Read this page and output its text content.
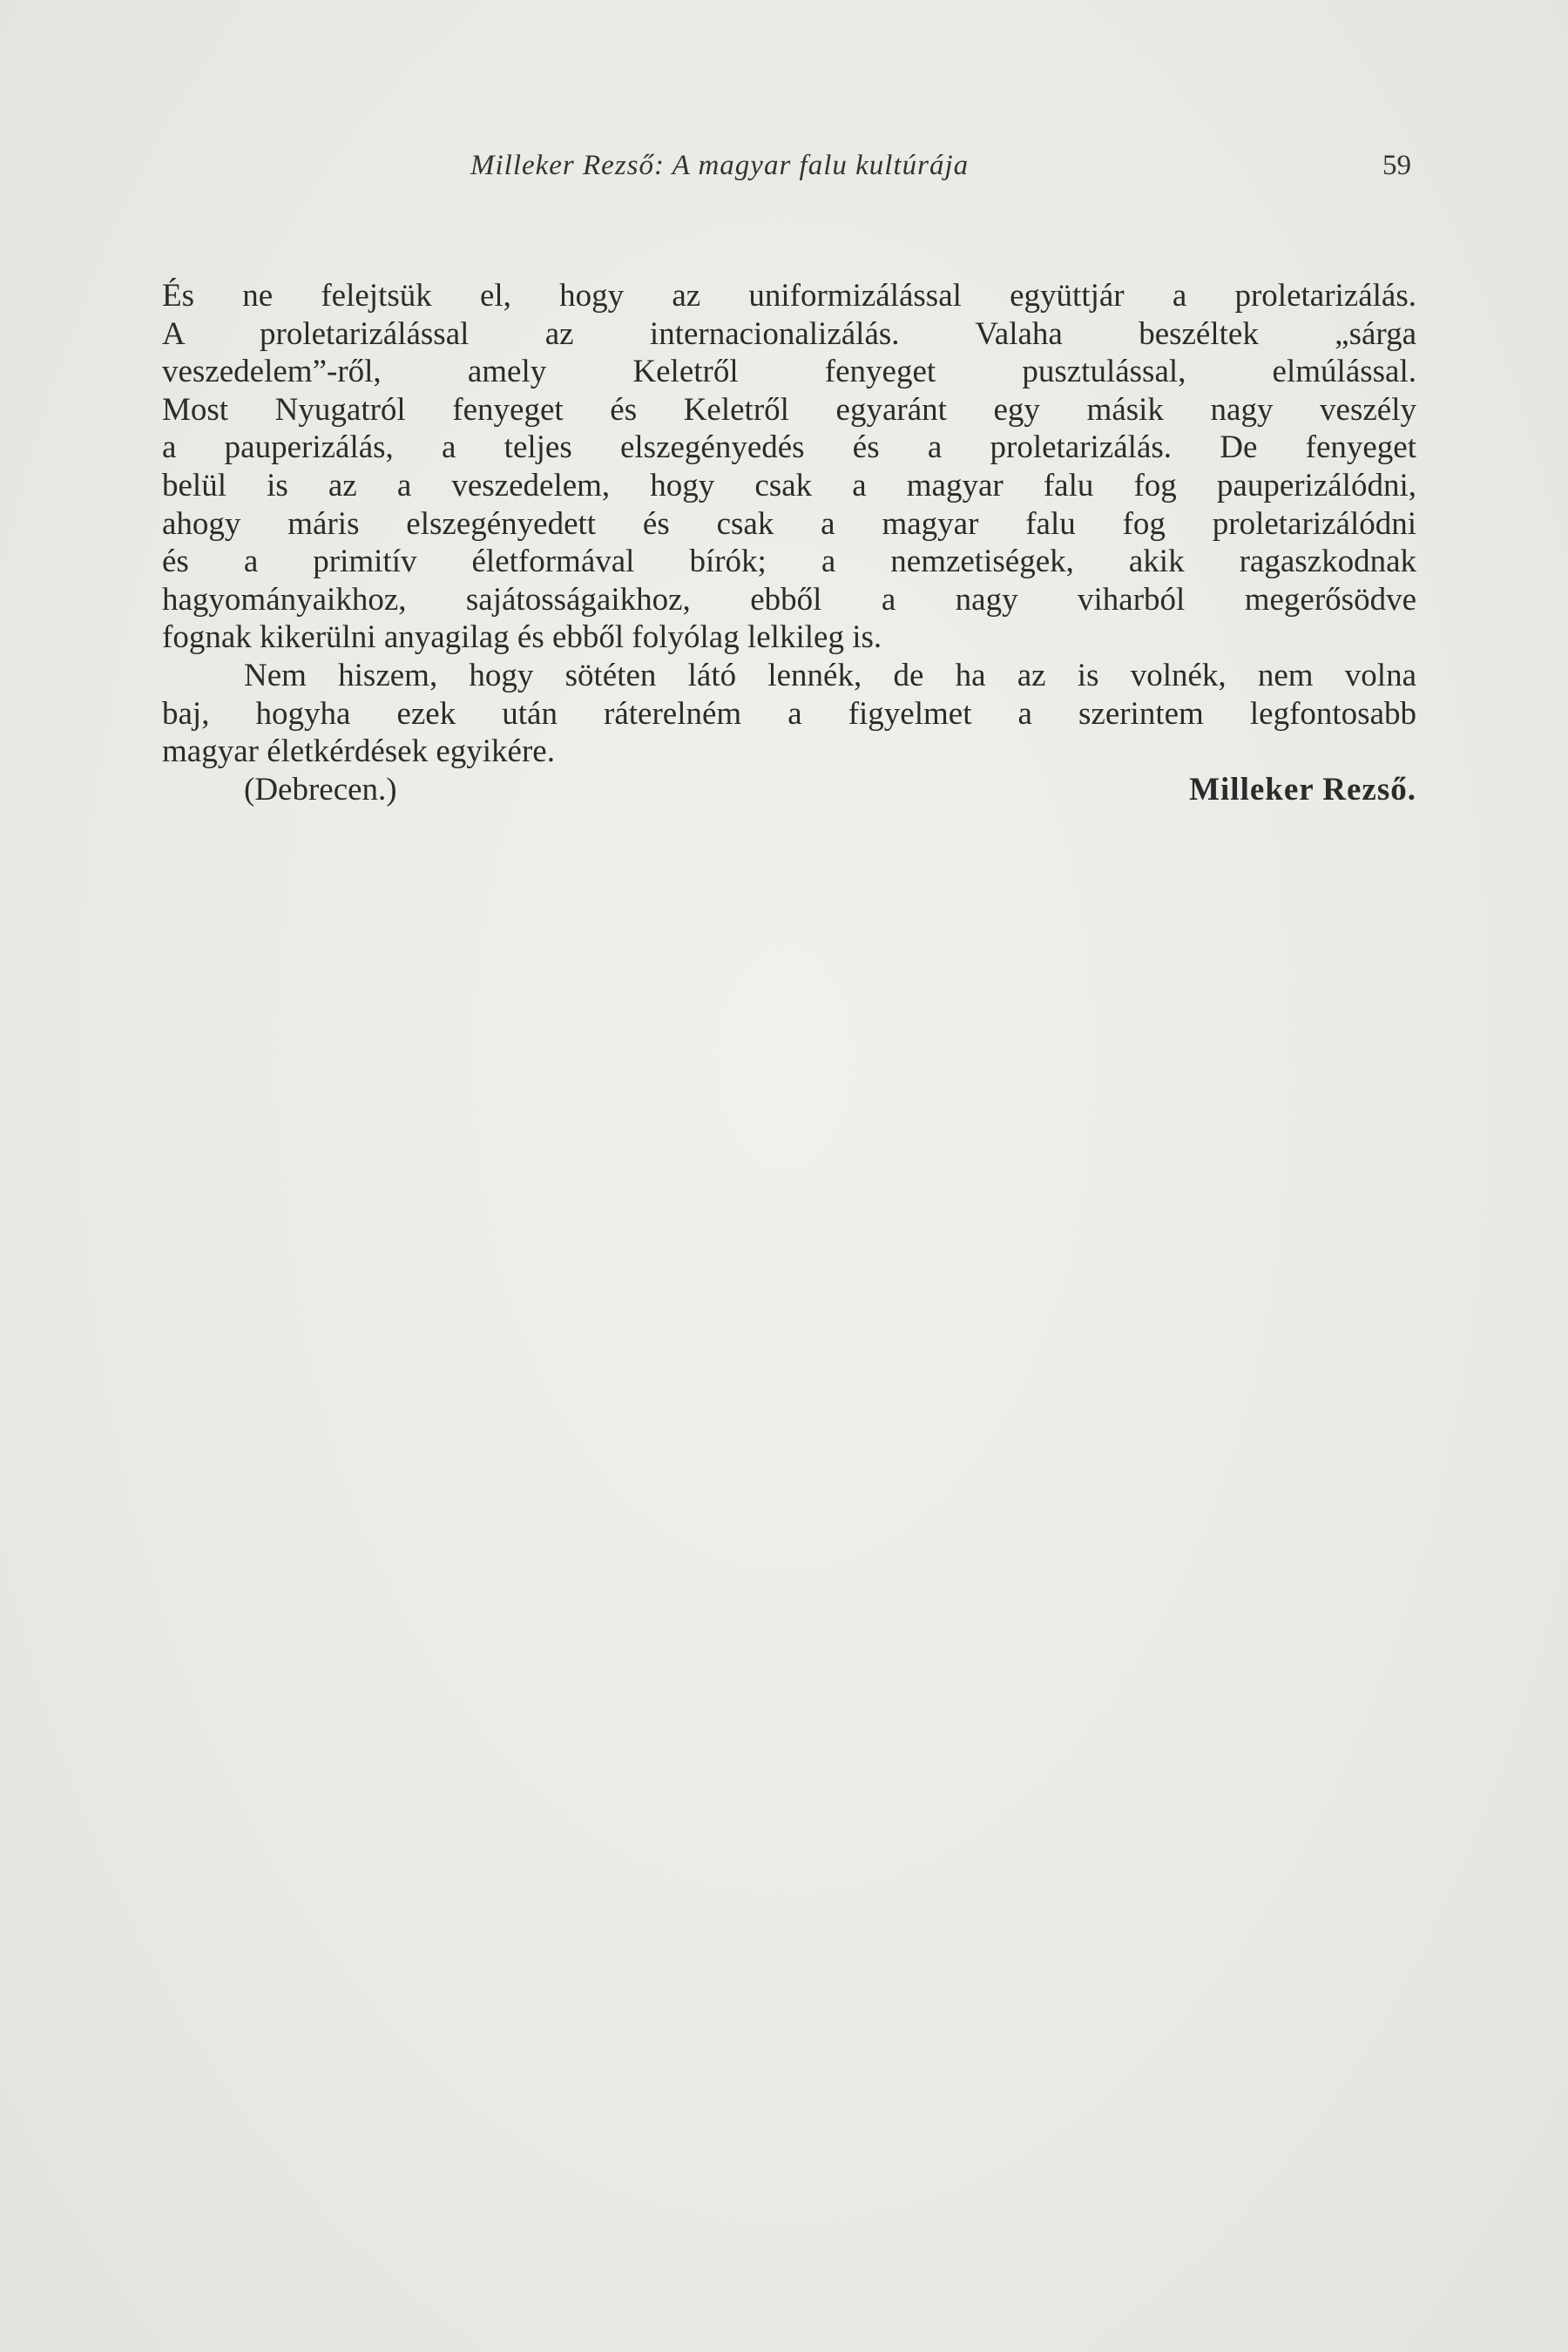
Milleker Rezső: A magyar falu kultúrája	59
És ne felejtsük el, hogy az uniformizálással együttjár a proletarizálás.
A proletarizálással az internacionalizálás. Valaha beszéltek „sárga
veszedelem”-ről, amely Keletről fenyeget pusztulással, elmúlással.
Most Nyugatról fenyeget és Keletről egyaránt egy másik nagy veszély
a pauperizálás, a teljes elszegényedés és a proletarizálás. De fenyeget
belül is az a veszedelem, hogy csak a magyar falu fog pauperizálódni,
ahogy máris elszegényedett és csak a magyar falu fog proletarizálódni
és a primitív életformával bírók; a nemzetiségek, akik ragaszkodnak
hagyományaikhoz, sajátosságaikhoz, ebből a nagy viharból megerősödve
fognak kikerülni anyagilag és ebből folyólag lelkileg is.
Nem hiszem, hogy sötéten látó lennék, de ha az is volnék, nem volna
baj, hogyha ezek után ráterelném a figyelmet a szerintem legfontosabb
magyar életkérdések egyikére.
(Debrecen.)	Milleker Rezső.
